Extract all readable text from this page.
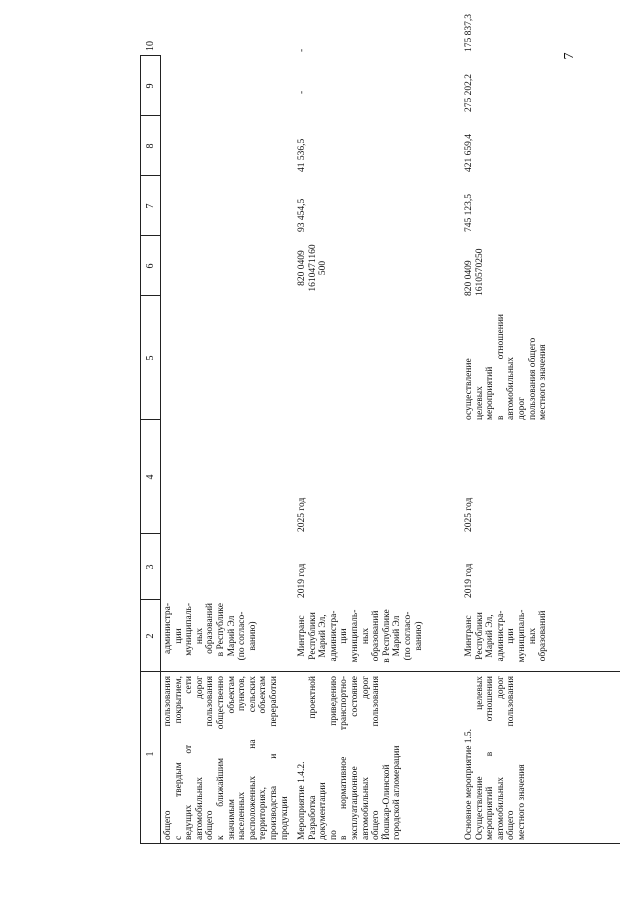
7
1
2
3
4
5
6
7
8
9
10

общего пользования с твердым покрытием, ведущих от сети автомобильных дорог общего пользования к ближайшим общественно значимым объектам населенных пунктов, расположенных на сельских территориях, объектам производства и переработки продукции

администра- ции муниципаль- ных образований в Республике Марий Эл (по согласо- ванию)

Мероприятие 1.4.2. Разработка проектной документации по приведению в нормативное транспортно- эксплуатационное состояние автомобильных дорог общего пользования Йошкар-Олинской городской агломерации

Минтранс Республики Марий Эл, администра- ции муниципаль- ных образований в Республике Марий Эл (по согласо- ванию)

2019 год
2025 год

820 0409 1610471160 500

93 454,5
41 536,5
-
-

Основное мероприятие 1.5. Осуществление целевых мероприятий в отношении автомобильных дорог общего пользования местного значения

Минтранс Республики Марий Эл, администра- ции муниципаль- ных образований

2019 год
2025 год

осуществление целевых мероприятий в отношении автомобильных дорог пользования общего местного значения

820 0409 1610570250

745 123,5
421 659,4
275 202,2
175 837,3
